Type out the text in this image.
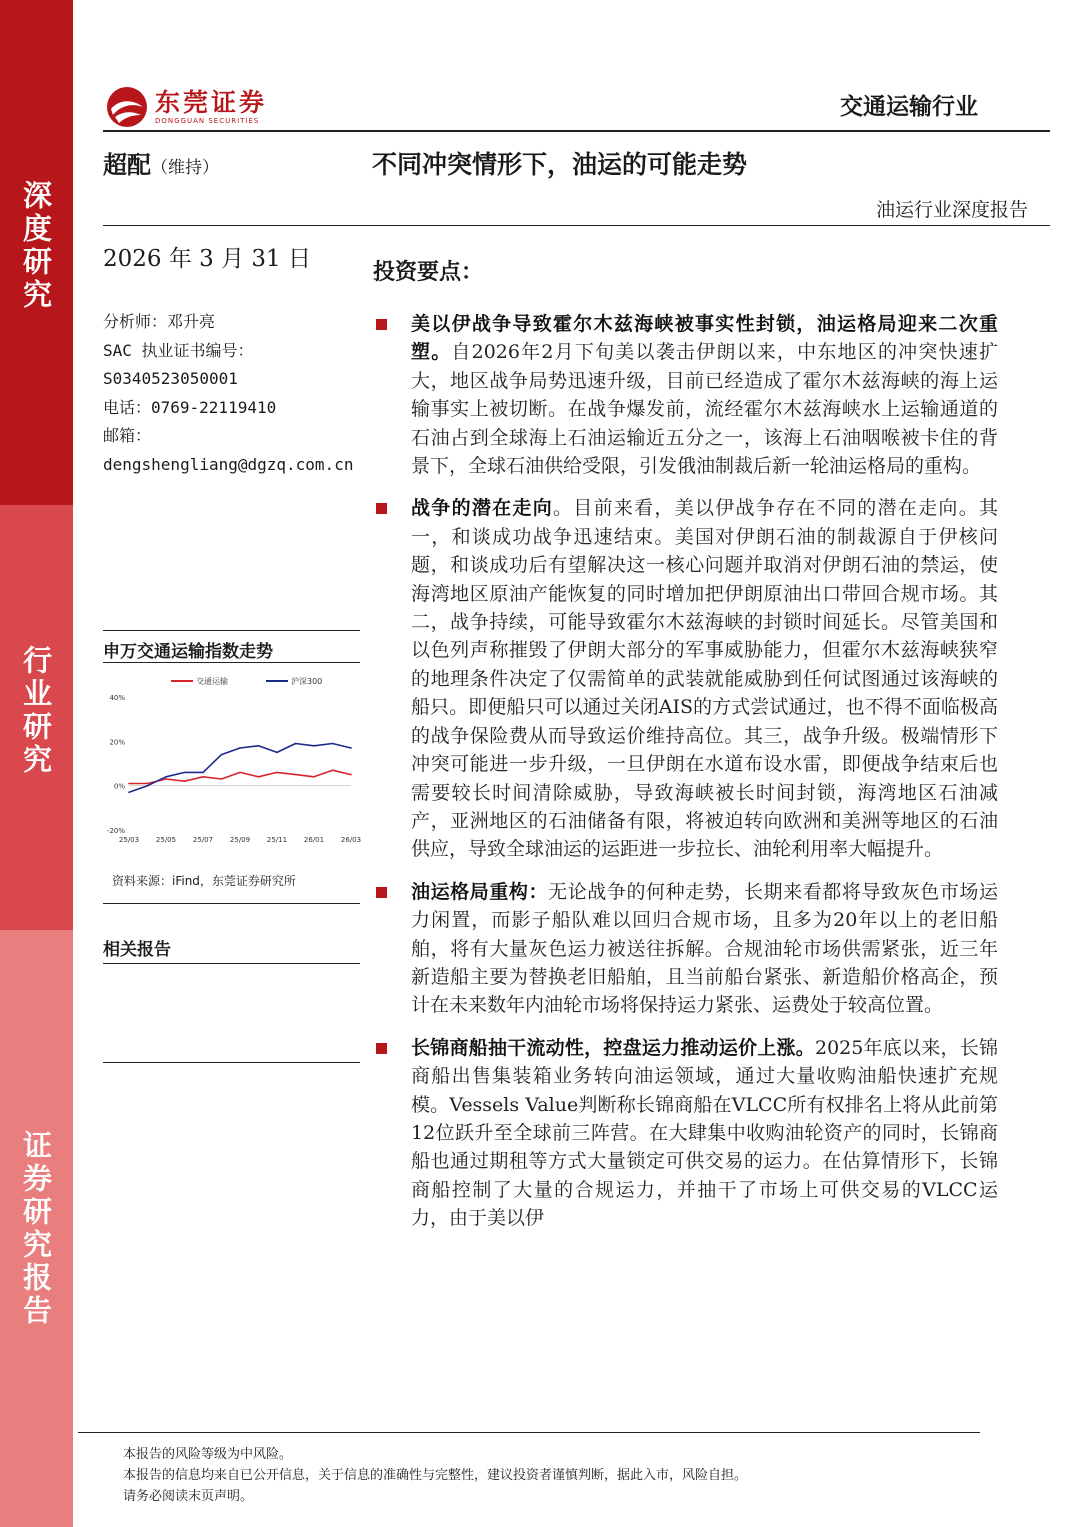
深度研究
行业研究
证券研究报告
东莞证券
DONGGUAN SECURITIES
交通运输行业
超配（维持）	不同冲突情形下，油运的可能走势
油运行业深度报告
2026 年 3 月 31 日
分析师：邓升亮
SAC 执业证书编号：
S0340523050001
电话：0769-22119410
邮箱：
dengshengliang@dgzq.com.cn
申万交通运输指数走势
交通运输	沪深300
40%
20%
0%
-20%
25/03 25/05 25/07 25/09 25/11 26/01 26/03
资料来源：iFind，东莞证券研究所
相关报告
投资要点：
美以伊战争导致霍尔木兹海峡被事实性封锁，油运格局迎来二次重塑。自2026年2月下旬美以袭击伊朗以来，中东地区的冲突快速扩大，地区战争局势迅速升级，目前已经造成了霍尔木兹海峡的海上运输事实上被切断。在战争爆发前，流经霍尔木兹海峡水上运输通道的石油占到全球海上石油运输近五分之一，该海上石油咽喉被卡住的背景下，全球石油供给受限，引发俄油制裁后新一轮油运格局的重构。
战争的潜在走向。目前来看，美以伊战争存在不同的潜在走向。其一，和谈成功战争迅速结束。美国对伊朗石油的制裁源自于伊核问题，和谈成功后有望解决这一核心问题并取消对伊朗石油的禁运，使海湾地区原油产能恢复的同时增加把伊朗原油出口带回合规市场。其二，战争持续，可能导致霍尔木兹海峡的封锁时间延长。尽管美国和以色列声称摧毁了伊朗大部分的军事威胁能力，但霍尔木兹海峡狭窄的地理条件决定了仅需简单的武装就能威胁到任何试图通过该海峡的船只。即便船只可以通过关闭AIS的方式尝试通过，也不得不面临极高的战争保险费从而导致运价维持高位。其三，战争升级。极端情形下冲突可能进一步升级，一旦伊朗在水道布设水雷，即便战争结束后也需要较长时间清除威胁，导致海峡被长时间封锁，海湾地区石油减产，亚洲地区的石油储备有限，将被迫转向欧洲和美洲等地区的石油供应，导致全球油运的运距进一步拉长、油轮利用率大幅提升。
油运格局重构：无论战争的何种走势，长期来看都将导致灰色市场运力闲置，而影子船队难以回归合规市场，且多为20年以上的老旧船舶，将有大量灰色运力被送往拆解。合规油轮市场供需紧张，近三年新造船主要为替换老旧船舶，且当前船台紧张、新造船价格高企，预计在未来数年内油轮市场将保持运力紧张、运费处于较高位置。
长锦商船抽干流动性，控盘运力推动运价上涨。2025年底以来，长锦商船出售集装箱业务转向油运领域，通过大量收购油船快速扩充规模。Vessels Value判断称长锦商船在VLCC所有权排名上将从此前第12位跃升至全球前三阵营。在大肆集中收购油轮资产的同时，长锦商船也通过期租等方式大量锁定可供交易的运力。在估算情形下，长锦商船控制了大量的合规运力，并抽干了市场上可供交易的VLCC运力，由于美以伊
本报告的风险等级为中风险。
本报告的信息均来自已公开信息，关于信息的准确性与完整性，建议投资者谨慎判断，据此入市，风险自担。
请务必阅读末页声明。
